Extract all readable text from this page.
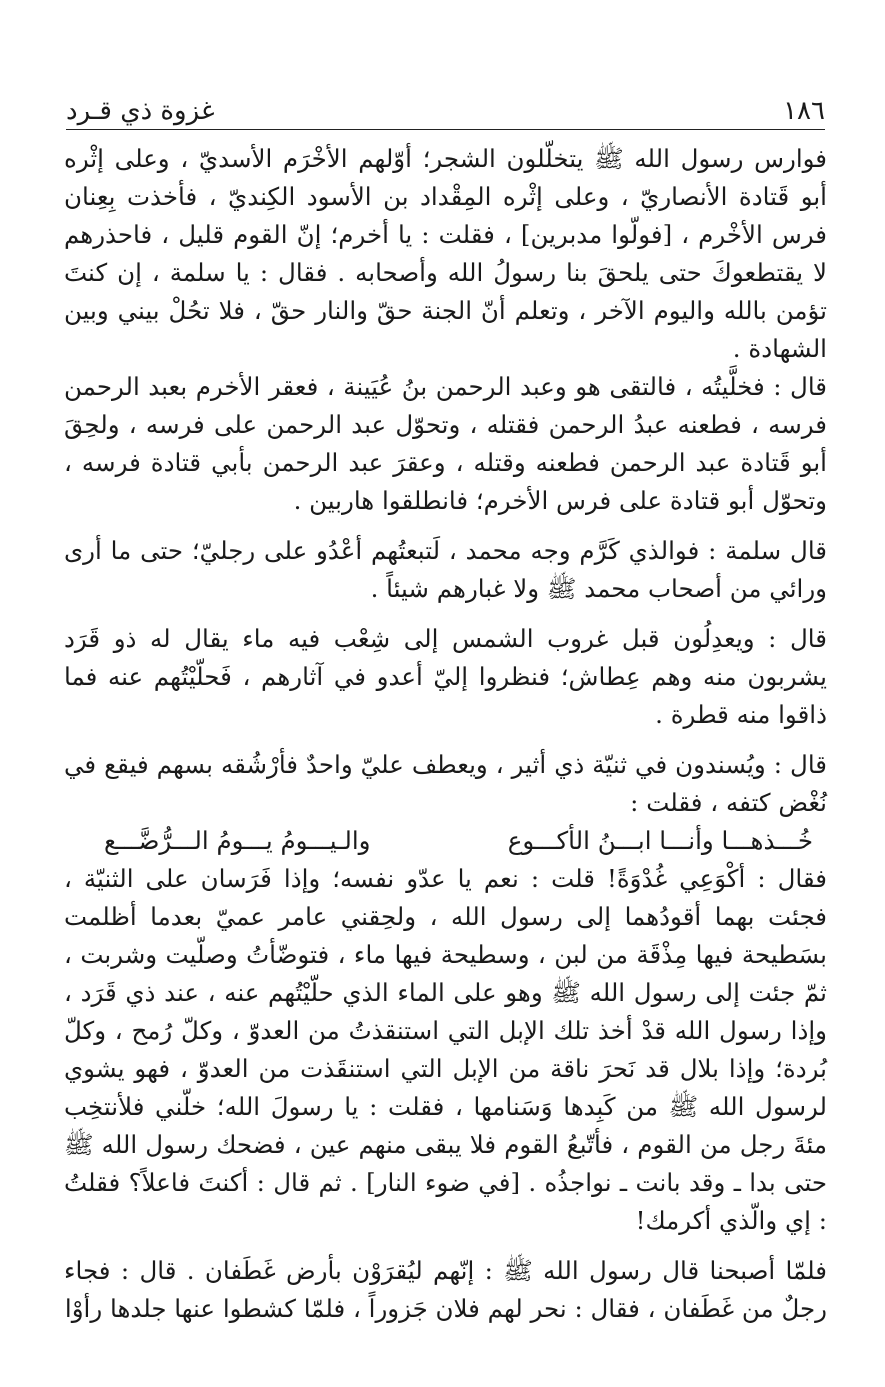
١٨٦
غزوة ذي قـرد

فوارس رسول الله ﷺ يتخلّلون الشجر؛ أوّلهم الأخْرَم الأسديّ ، وعلى إثْره أبو قَتادة الأنصاريّ ، وعلى إثْره المِقْداد بن الأسود الكِنديّ ، فأخذت بِعِنان فرس الأخْرم ، [فولّوا مدبرين] ، فقلت : يا أخرم؛ إنّ القوم قليل ، فاحذرهم لا يقتطعوكَ حتى يلحقَ بنا رسولُ الله وأصحابه . فقال : يا سلمة ، إن كنتَ تؤمن بالله واليوم الآخر ، وتعلم أنّ الجنة حقّ والنار حقّ ، فلا تحُلْ بيني وبين الشهادة .

قال : فخلَّيتُه ، فالتقى هو وعبد الرحمن بنُ عُيَينة ، فعقر الأخرم بعبد الرحمن فرسه ، فطعنه عبدُ الرحمن فقتله ، وتحوّل عبد الرحمن على فرسه ، ولحِقَ أبو قَتادة عبد الرحمن فطعنه وقتله ، وعقرَ عبد الرحمن بأبي قتادة فرسه ، وتحوّل أبو قتادة على فرس الأخرم؛ فانطلقوا هاربين .

قال سلمة : فوالذي كَرَّم وجه محمد ، لَتبعتُهم أعْدُو على رجليّ؛ حتى ما أرى ورائي من أصحاب محمد ﷺ ولا غبارهم شيئاً .

قال : ويعدِلُون قبل غروب الشمس إلى شِعْب فيه ماء يقال له ذو قَرَد يشربون منه وهم عِطاش؛ فنظروا إليّ أعدو في آثارهم ، فَحلّيْتُهم عنه فما ذاقوا منه قطرة .

قال : ويُسندون في ثنيّة ذي أثير ، ويعطف عليّ واحدٌ فأرْشُقه بسهم فيقع في نُغْض كتفه ، فقلت :

خُـــذهـــا وأنـــا ابـــنُ الأكـــوع
والـيـــومُ يـــومُ الـــرُّضَّـــع

فقال : أكْوَعِي غُدْوَةً! قلت : نعم يا عدّو نفسه؛ وإذا فَرَسان على الثنيّة ، فجئت بهما أقودُهما إلى رسول الله ، ولحِقني عامر عميّ بعدما أظلمت بسَطيحة فيها مِذْقَة من لبن ، وسطيحة فيها ماء ، فتوضّأتُ وصلّيت وشربت ، ثمّ جئت إلى رسول الله ﷺ وهو على الماء الذي حلّيْتُهم عنه ، عند ذي قَرَد ، وإذا رسول الله قدْ أخذ تلك الإبل التي استنقذتُ من العدوّ ، وكلّ رُمح ، وكلّ بُردة؛ وإذا بلال قد نَحرَ ناقة من الإبل التي استنقَذت من العدوّ ، فهو يشوي لرسول الله ﷺ من كَبِدها وَسَنامها ، فقلت : يا رسولَ الله؛ خلّني فلأنتخِب مئةَ رجل من القوم ، فأتّبعُ القوم فلا يبقى منهم عين ، فضحك رسول الله ﷺ حتى بدا ـ وقد بانت ـ نواجذُه . [في ضوء النار] . ثم قال : أكنتَ فاعلاً؟ فقلتُ : إي والّذي أكرمك!

فلمّا أصبحنا قال رسول الله ﷺ : إنّهم ليُقرَوْن بأرض غَطَفان . قال : فجاء رجلٌ من غَطَفان ، فقال : نحر لهم فلان جَزوراً ، فلمّا كشطوا عنها جلدها رأوْا
